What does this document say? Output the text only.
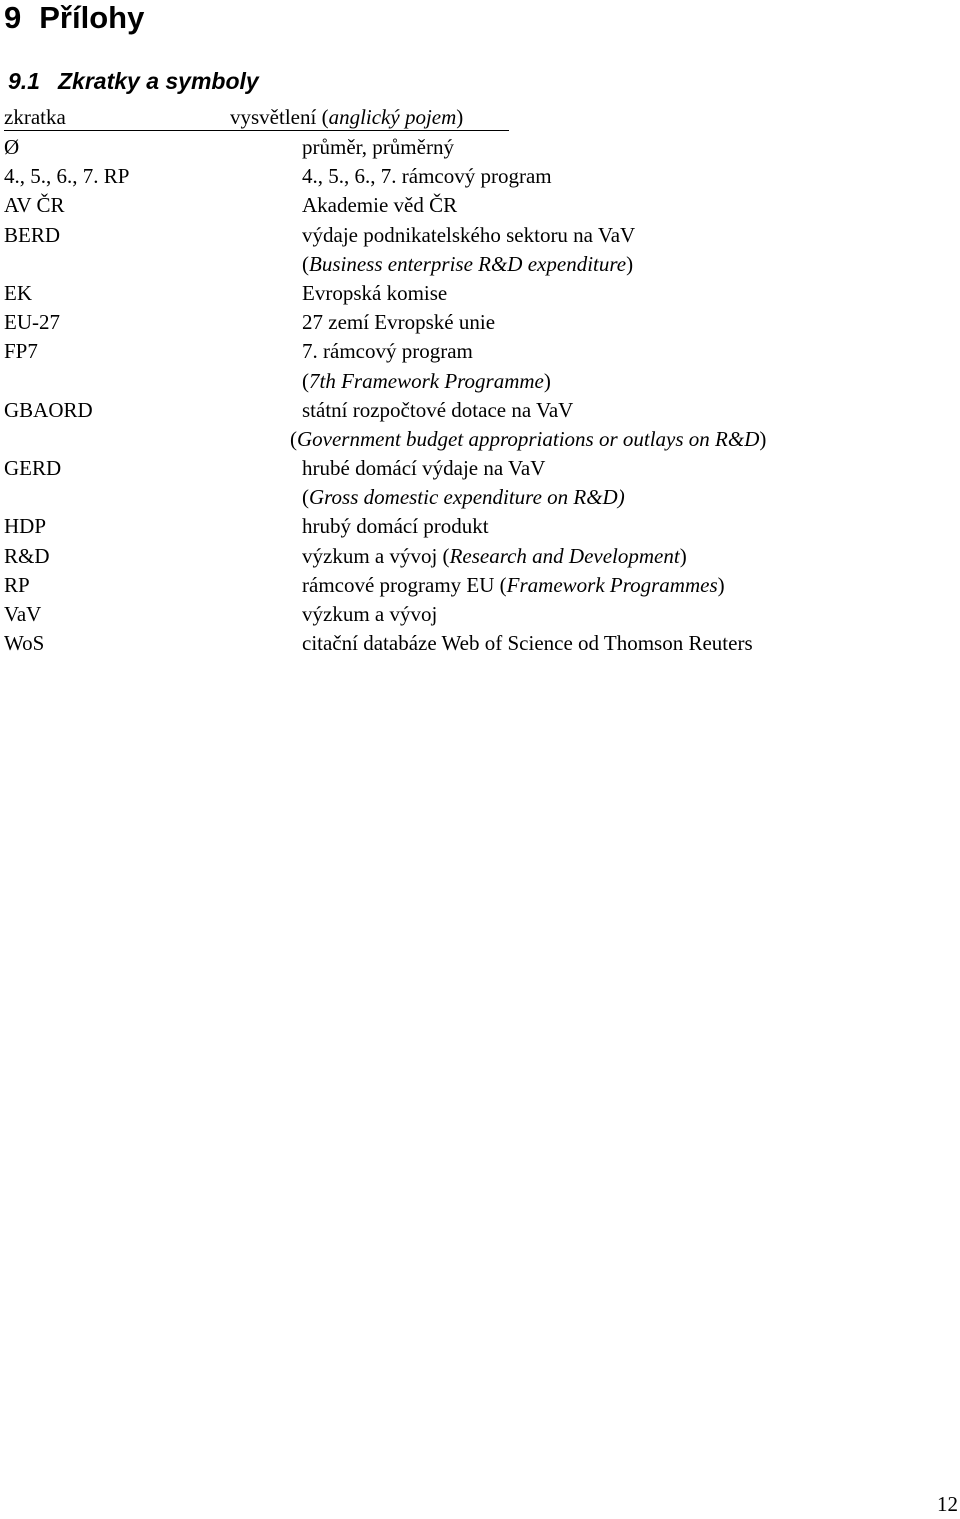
9 Přílohy
9.1 Zkratky a symboly
zkratka	vysvětlení (anglický pojem)
Ø	průměr, průměrný
4., 5., 6., 7. RP	4., 5., 6., 7. rámcový program
AV ČR	Akademie věd ČR
BERD	výdaje podnikatelského sektoru na VaV
(Business enterprise R&D expenditure)
EK	Evropská komise
EU-27	27 zemí Evropské unie
FP7	7. rámcový program
(7th Framework Programme)
GBAORD	státní rozpočtové dotace na VaV
(Government budget appropriations or outlays on R&D)
GERD	hrubé domácí výdaje na VaV
(Gross domestic expenditure on R&D)
HDP	hrubý domácí produkt
R&D	výzkum a vývoj (Research and Development)
RP	rámcové programy EU (Framework Programmes)
VaV	výzkum a vývoj
WoS	citační databáze Web of Science od Thomson Reuters
12
